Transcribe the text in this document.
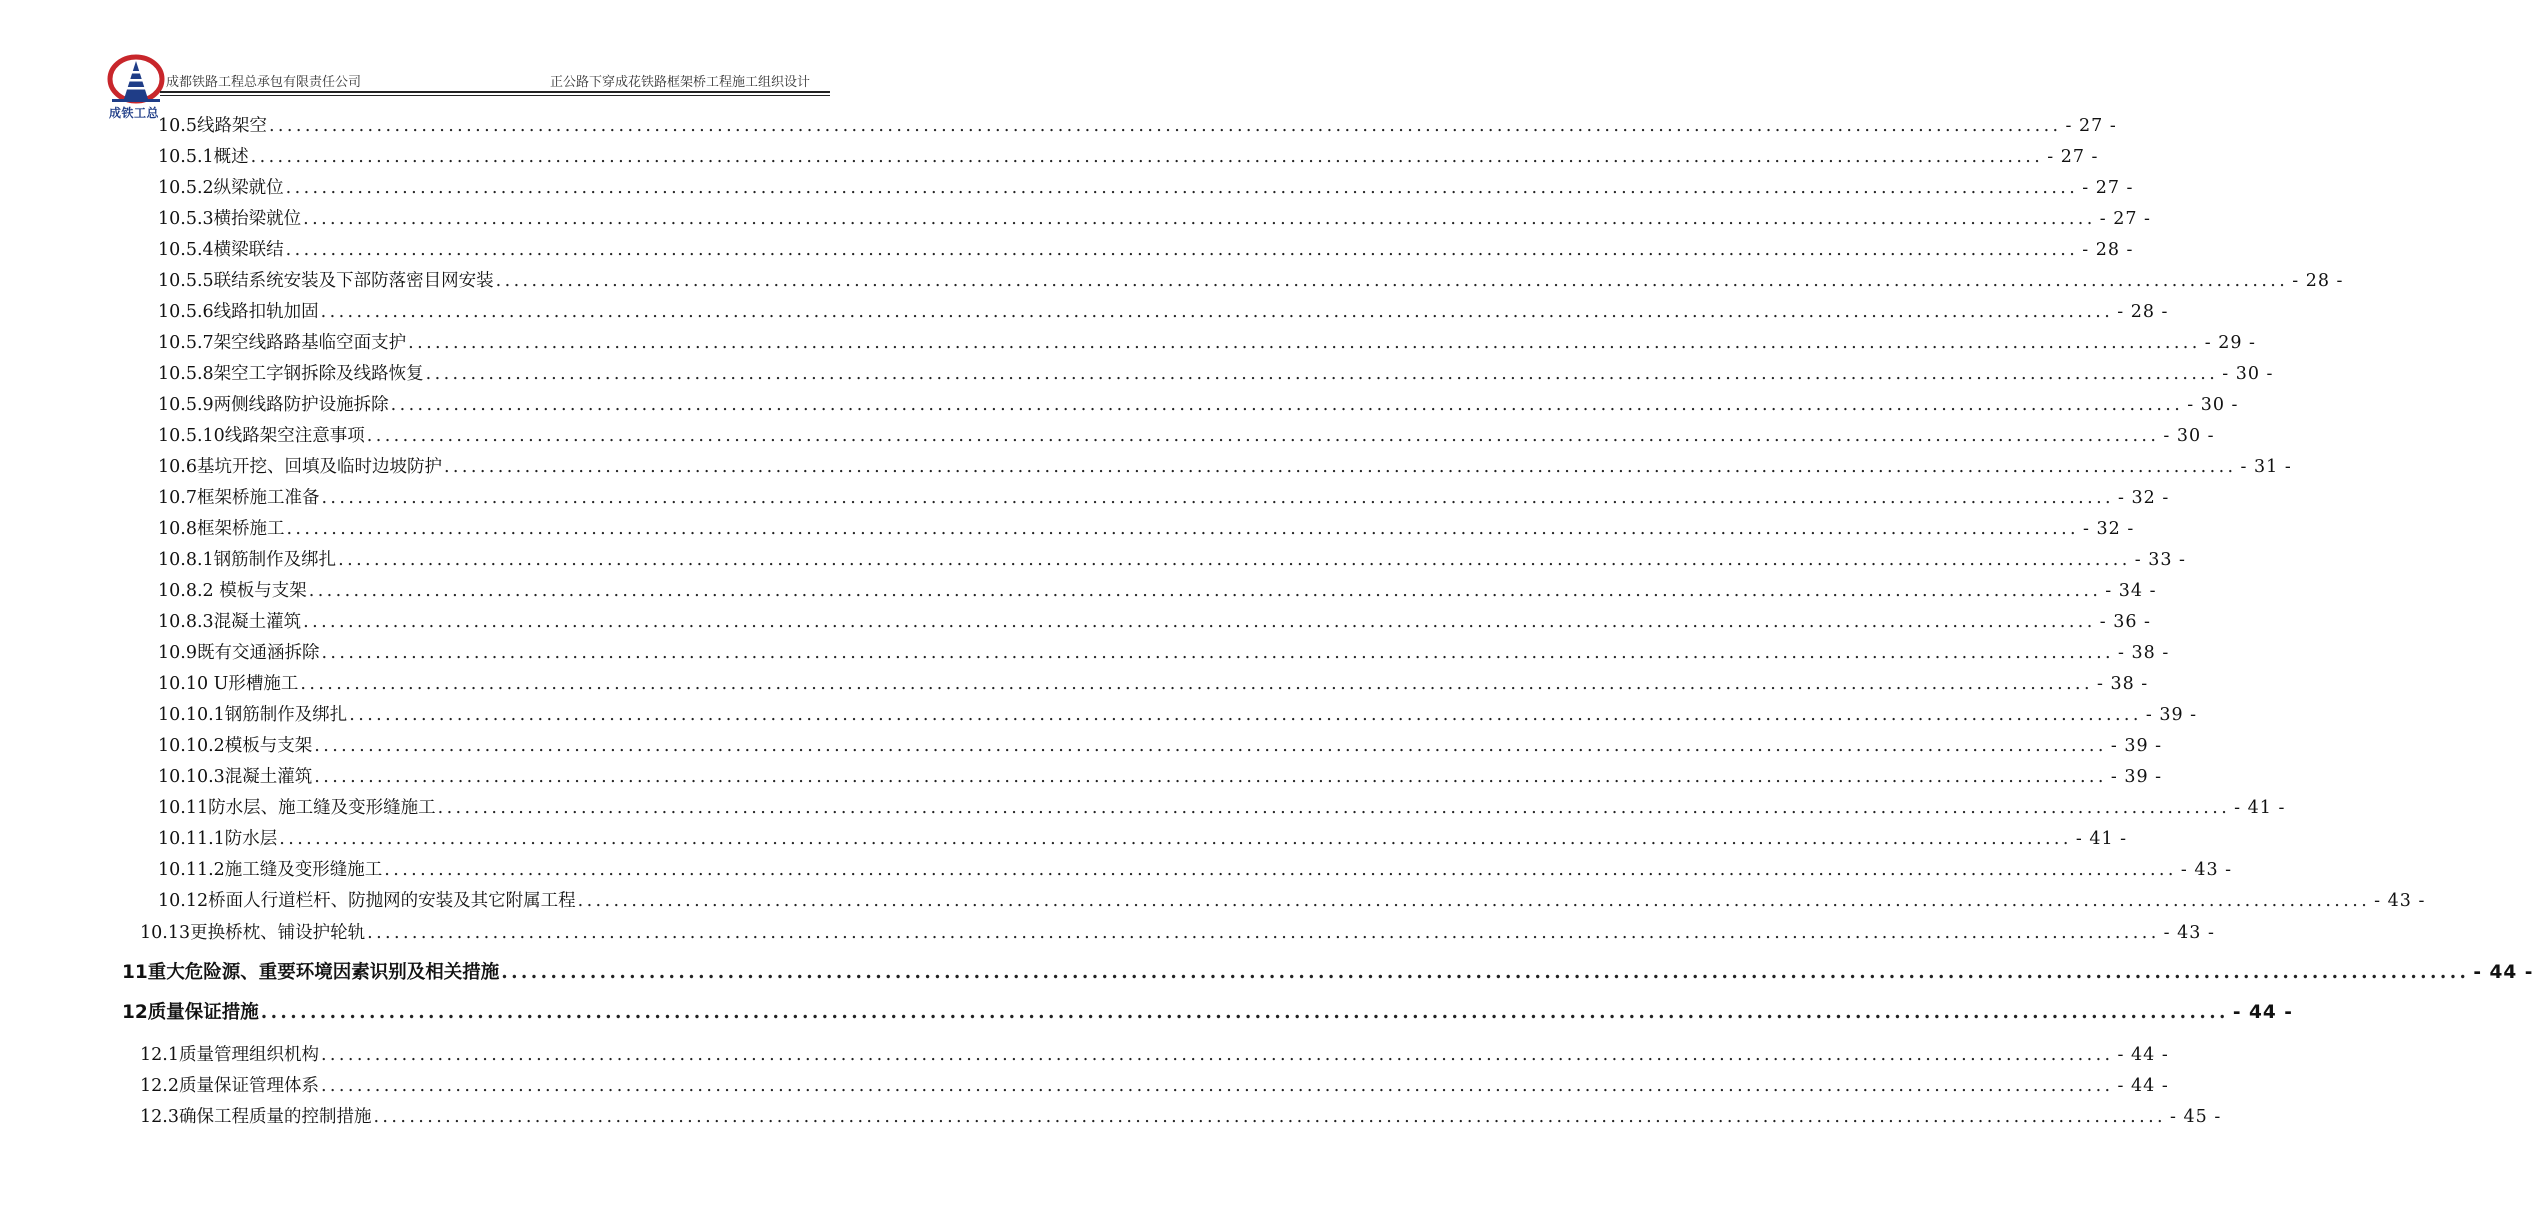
成铁工总
成都铁路工程总承包有限责任公司	正公路下穿成花铁路框架桥工程施工组织设计
10.5线路架空 ........................................................................................................................................................................................................ - 27 -
10.5.1概述 ........................................................................................................................................................................................................ - 27 -
10.5.2纵梁就位 ........................................................................................................................................................................................................ - 27 -
10.5.3横抬梁就位 ........................................................................................................................................................................................................ - 27 -
10.5.4横梁联结 ........................................................................................................................................................................................................ - 28 -
10.5.5联结系统安装及下部防落密目网安装 ........................................................................................................................................................................................................ - 28 -
10.5.6线路扣轨加固 ........................................................................................................................................................................................................ - 28 -
10.5.7架空线路路基临空面支护 ........................................................................................................................................................................................................ - 29 -
10.5.8架空工字钢拆除及线路恢复 ........................................................................................................................................................................................................ - 30 -
10.5.9两侧线路防护设施拆除 ........................................................................................................................................................................................................ - 30 -
10.5.10线路架空注意事项 ........................................................................................................................................................................................................ - 30 -
10.6基坑开挖、回填及临时边坡防护 ........................................................................................................................................................................................................ - 31 -
10.7框架桥施工准备 ........................................................................................................................................................................................................ - 32 -
10.8框架桥施工 ........................................................................................................................................................................................................ - 32 -
10.8.1钢筋制作及绑扎 ........................................................................................................................................................................................................ - 33 -
10.8.2 模板与支架 ........................................................................................................................................................................................................ - 34 -
10.8.3混凝土灌筑 ........................................................................................................................................................................................................ - 36 -
10.9既有交通涵拆除 ........................................................................................................................................................................................................ - 38 -
10.10 U形槽施工 ........................................................................................................................................................................................................ - 38 -
10.10.1钢筋制作及绑扎 ........................................................................................................................................................................................................ - 39 -
10.10.2模板与支架 ........................................................................................................................................................................................................ - 39 -
10.10.3混凝土灌筑 ........................................................................................................................................................................................................ - 39 -
10.11防水层、施工缝及变形缝施工 ........................................................................................................................................................................................................ - 41 -
10.11.1防水层 ........................................................................................................................................................................................................ - 41 -
10.11.2施工缝及变形缝施工 ........................................................................................................................................................................................................ - 43 -
10.12桥面人行道栏杆、防抛网的安装及其它附属工程 ........................................................................................................................................................................................................ - 43 -
10.13更换桥枕、铺设护轮轨 ........................................................................................................................................................................................................ - 43 -
11重大危险源、重要环境因素识别及相关措施 ........................................................................................................................................................................................................ - 44 -
12质量保证措施 ........................................................................................................................................................................................................ - 44 -
12.1质量管理组织机构 ........................................................................................................................................................................................................ - 44 -
12.2质量保证管理体系 ........................................................................................................................................................................................................ - 44 -
12.3确保工程质量的控制措施 ........................................................................................................................................................................................................ - 45 -
